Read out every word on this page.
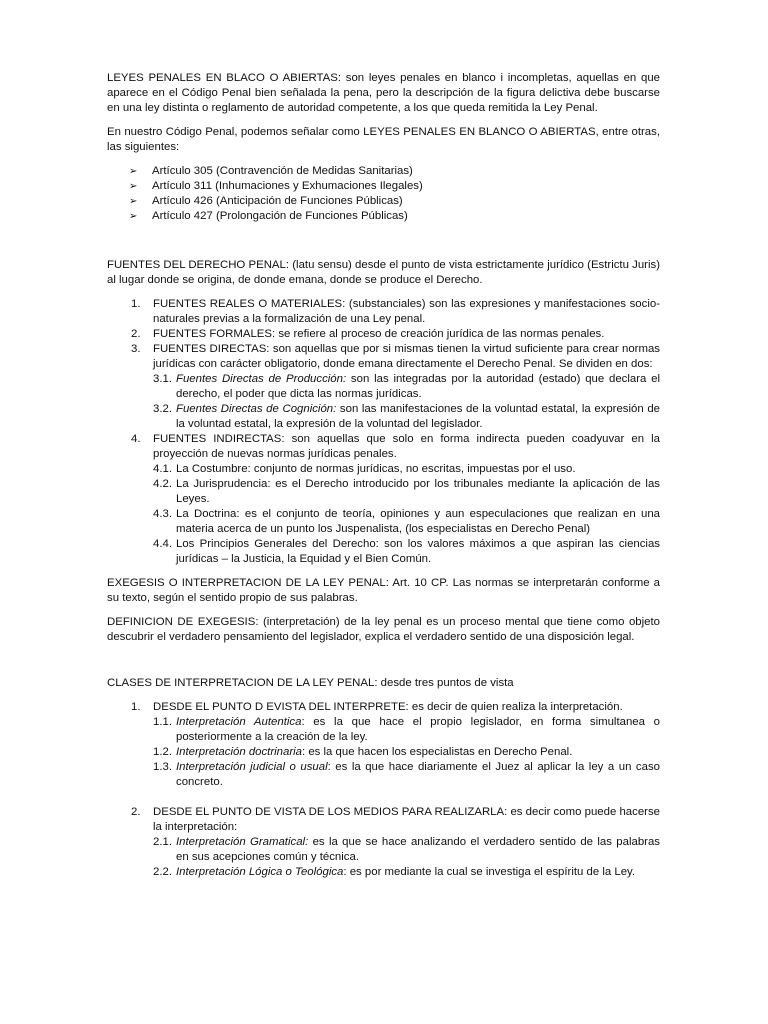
LEYES PENALES EN BLACO O ABIERTAS: son leyes penales en blanco i incompletas, aquellas en que aparece en el Código Penal bien señalada la pena, pero la descripción de la figura delictiva debe buscarse en una ley distinta o reglamento de autoridad competente, a los que queda remitida la Ley Penal.

En nuestro Código Penal, podemos señalar como LEYES PENALES EN BLANCO O ABIERTAS, entre otras, las siguientes:

➢ Artículo 305 (Contravención de Medidas Sanitarias)
➢ Artículo 311 (Inhumaciones y Exhumaciones Ilegales)
➢ Artículo 426 (Anticipación de Funciones Públicas)
➢ Artículo 427 (Prolongación de Funciones Públicas)

FUENTES DEL DERECHO PENAL: (latu sensu) desde el punto de vista estrictamente jurídico (Estrictu Juris) al lugar donde se origina, de donde emana, donde se produce el Derecho.

1. FUENTES REALES O MATERIALES: (substanciales) son las expresiones y manifestaciones socio-naturales previas a la formalización de una Ley penal.
2. FUENTES FORMALES: se refiere al proceso de creación jurídica de las normas penales.
3. FUENTES DIRECTAS: son aquellas que por si mismas tienen la virtud suficiente para crear normas jurídicas con carácter obligatorio, donde emana directamente el Derecho Penal. Se dividen en dos:
3.1. Fuentes Directas de Producción: son las integradas por la autoridad (estado) que declara el derecho, el poder que dicta las normas jurídicas.
3.2. Fuentes Directas de Cognición: son las manifestaciones de la voluntad estatal, la expresión de la voluntad estatal, la expresión de la voluntad del legislador.
4. FUENTES INDIRECTAS: son aquellas que solo en forma indirecta pueden coadyuvar en la proyección de nuevas normas jurídicas penales.
4.1. La Costumbre: conjunto de normas jurídicas, no escritas, impuestas por el uso.
4.2. La Jurisprudencia: es el Derecho introducido por los tribunales mediante la aplicación de las Leyes.
4.3. La Doctrina: es el conjunto de teoría, opiniones y aun especulaciones que realizan en una materia acerca de un punto los Juspenalista, (los especialistas en Derecho Penal)
4.4. Los Principios Generales del Derecho: son los valores máximos a que aspiran las ciencias jurídicas – la Justicia, la Equidad y el Bien Común.

EXEGESIS O INTERPRETACION DE LA LEY PENAL: Art. 10 CP. Las normas se interpretarán conforme a su texto, según el sentido propio de sus palabras.

DEFINICION DE EXEGESIS: (interpretación) de la ley penal es un proceso mental que tiene como objeto descubrir el verdadero pensamiento del legislador, explica el verdadero sentido de una disposición legal.

CLASES DE INTERPRETACION DE LA LEY PENAL: desde tres puntos de vista

1. DESDE EL PUNTO D EVISTA DEL INTERPRETE: es decir de quien realiza la interpretación.
1.1. Interpretación Autentica: es la que hace el propio legislador, en forma simultanea o posteriormente a la creación de la ley.
1.2. Interpretación doctrinaria: es la que hacen los especialistas en Derecho Penal.
1.3. Interpretación judicial o usual: es la que hace diariamente el Juez al aplicar la ley a un caso concreto.
2. DESDE EL PUNTO DE VISTA DE LOS MEDIOS PARA REALIZARLA: es decir como puede hacerse la interpretación:
2.1. Interpretación Gramatical: es la que se hace analizando el verdadero sentido de las palabras en sus acepciones común y técnica.
2.2. Interpretación Lógica o Teológica: es por mediante la cual se investiga el espíritu de la Ley.
